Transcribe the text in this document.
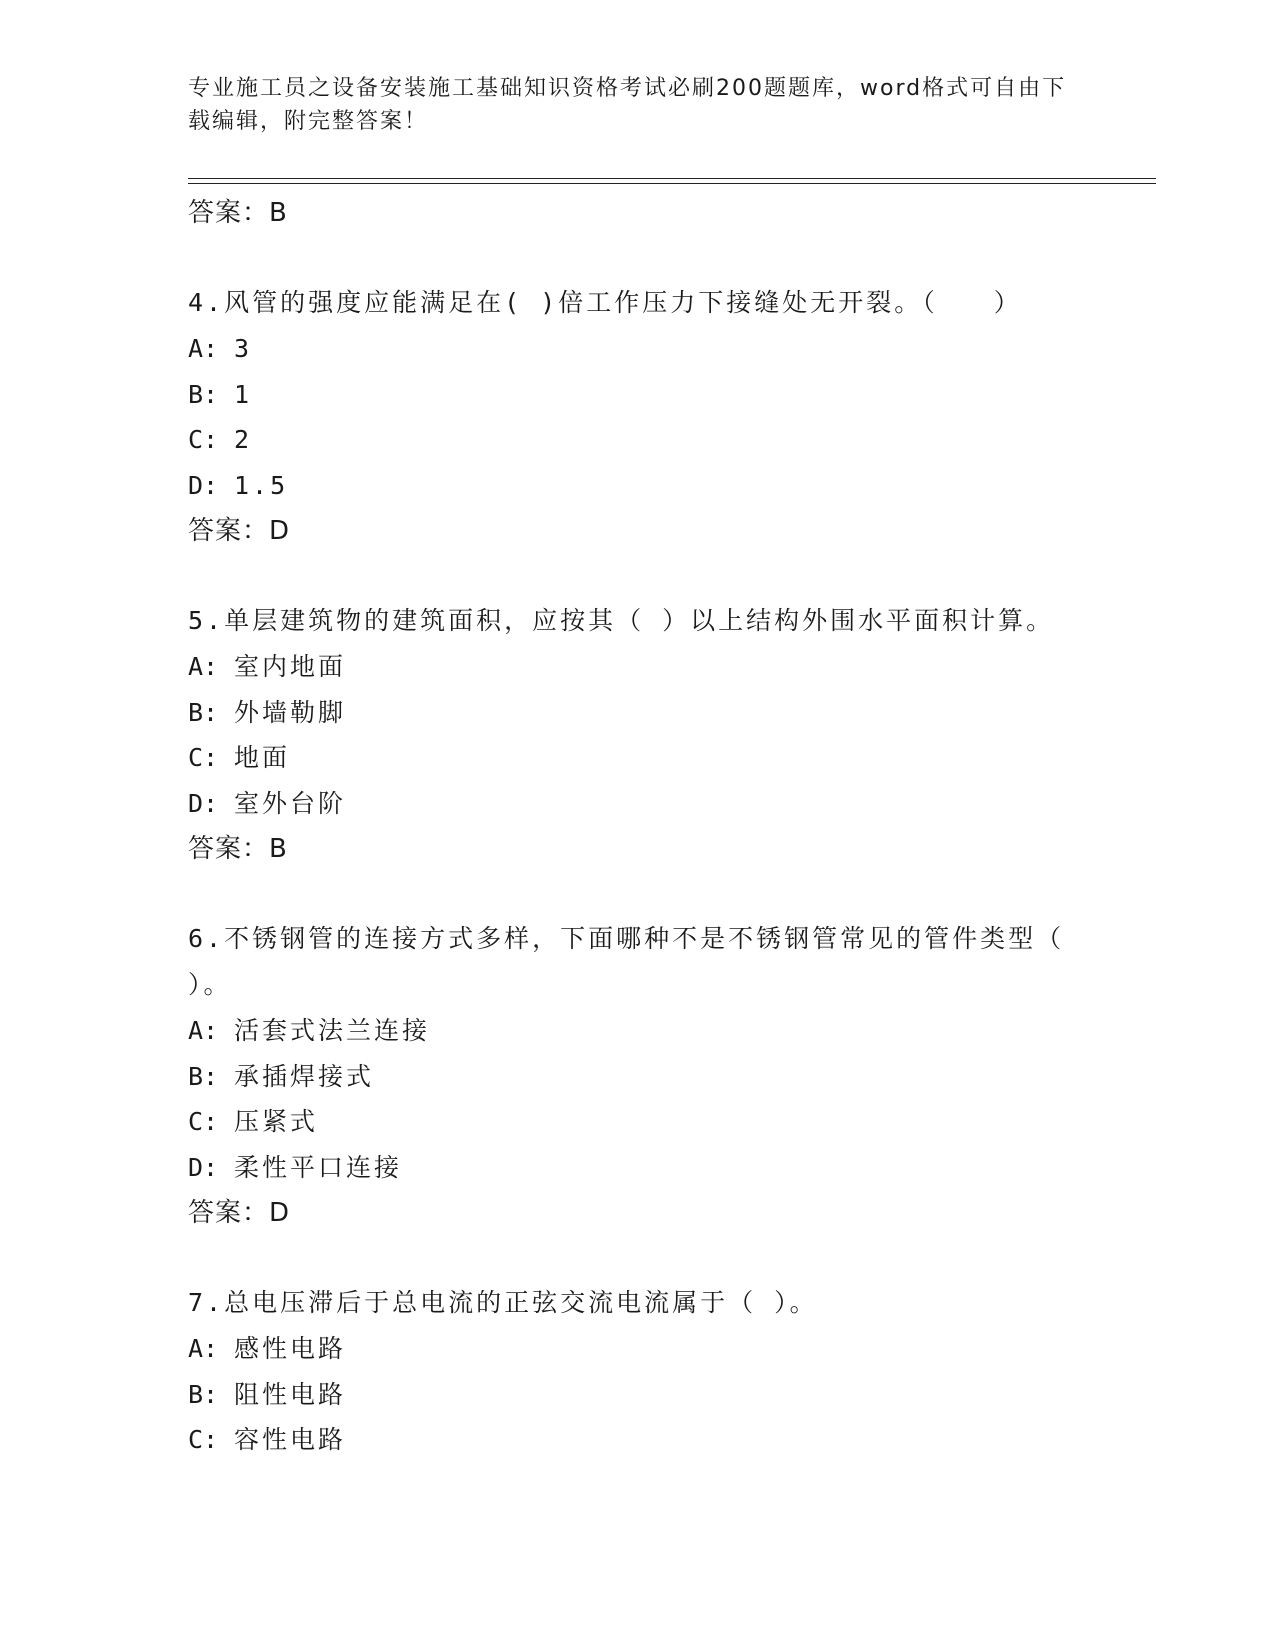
专业施工员之设备安装施工基础知识资格考试必刷200题题库，word格式可自由下载编辑，附完整答案！
答案：B
4.风管的强度应能满足在( )倍工作压力下接缝处无开裂。（　　）
A: 3
B: 1
C: 2
D: 1.5
答案：D
5.单层建筑物的建筑面积，应按其（ ）以上结构外围水平面积计算。
A: 室内地面
B: 外墙勒脚
C: 地面
D: 室外台阶
答案：B
6.不锈钢管的连接方式多样，下面哪种不是不锈钢管常见的管件类型（ ）。
A: 活套式法兰连接
B: 承插焊接式
C: 压紧式
D: 柔性平口连接
答案：D
7.总电压滞后于总电流的正弦交流电流属于（ ）。
A: 感性电路
B: 阻性电路
C: 容性电路
